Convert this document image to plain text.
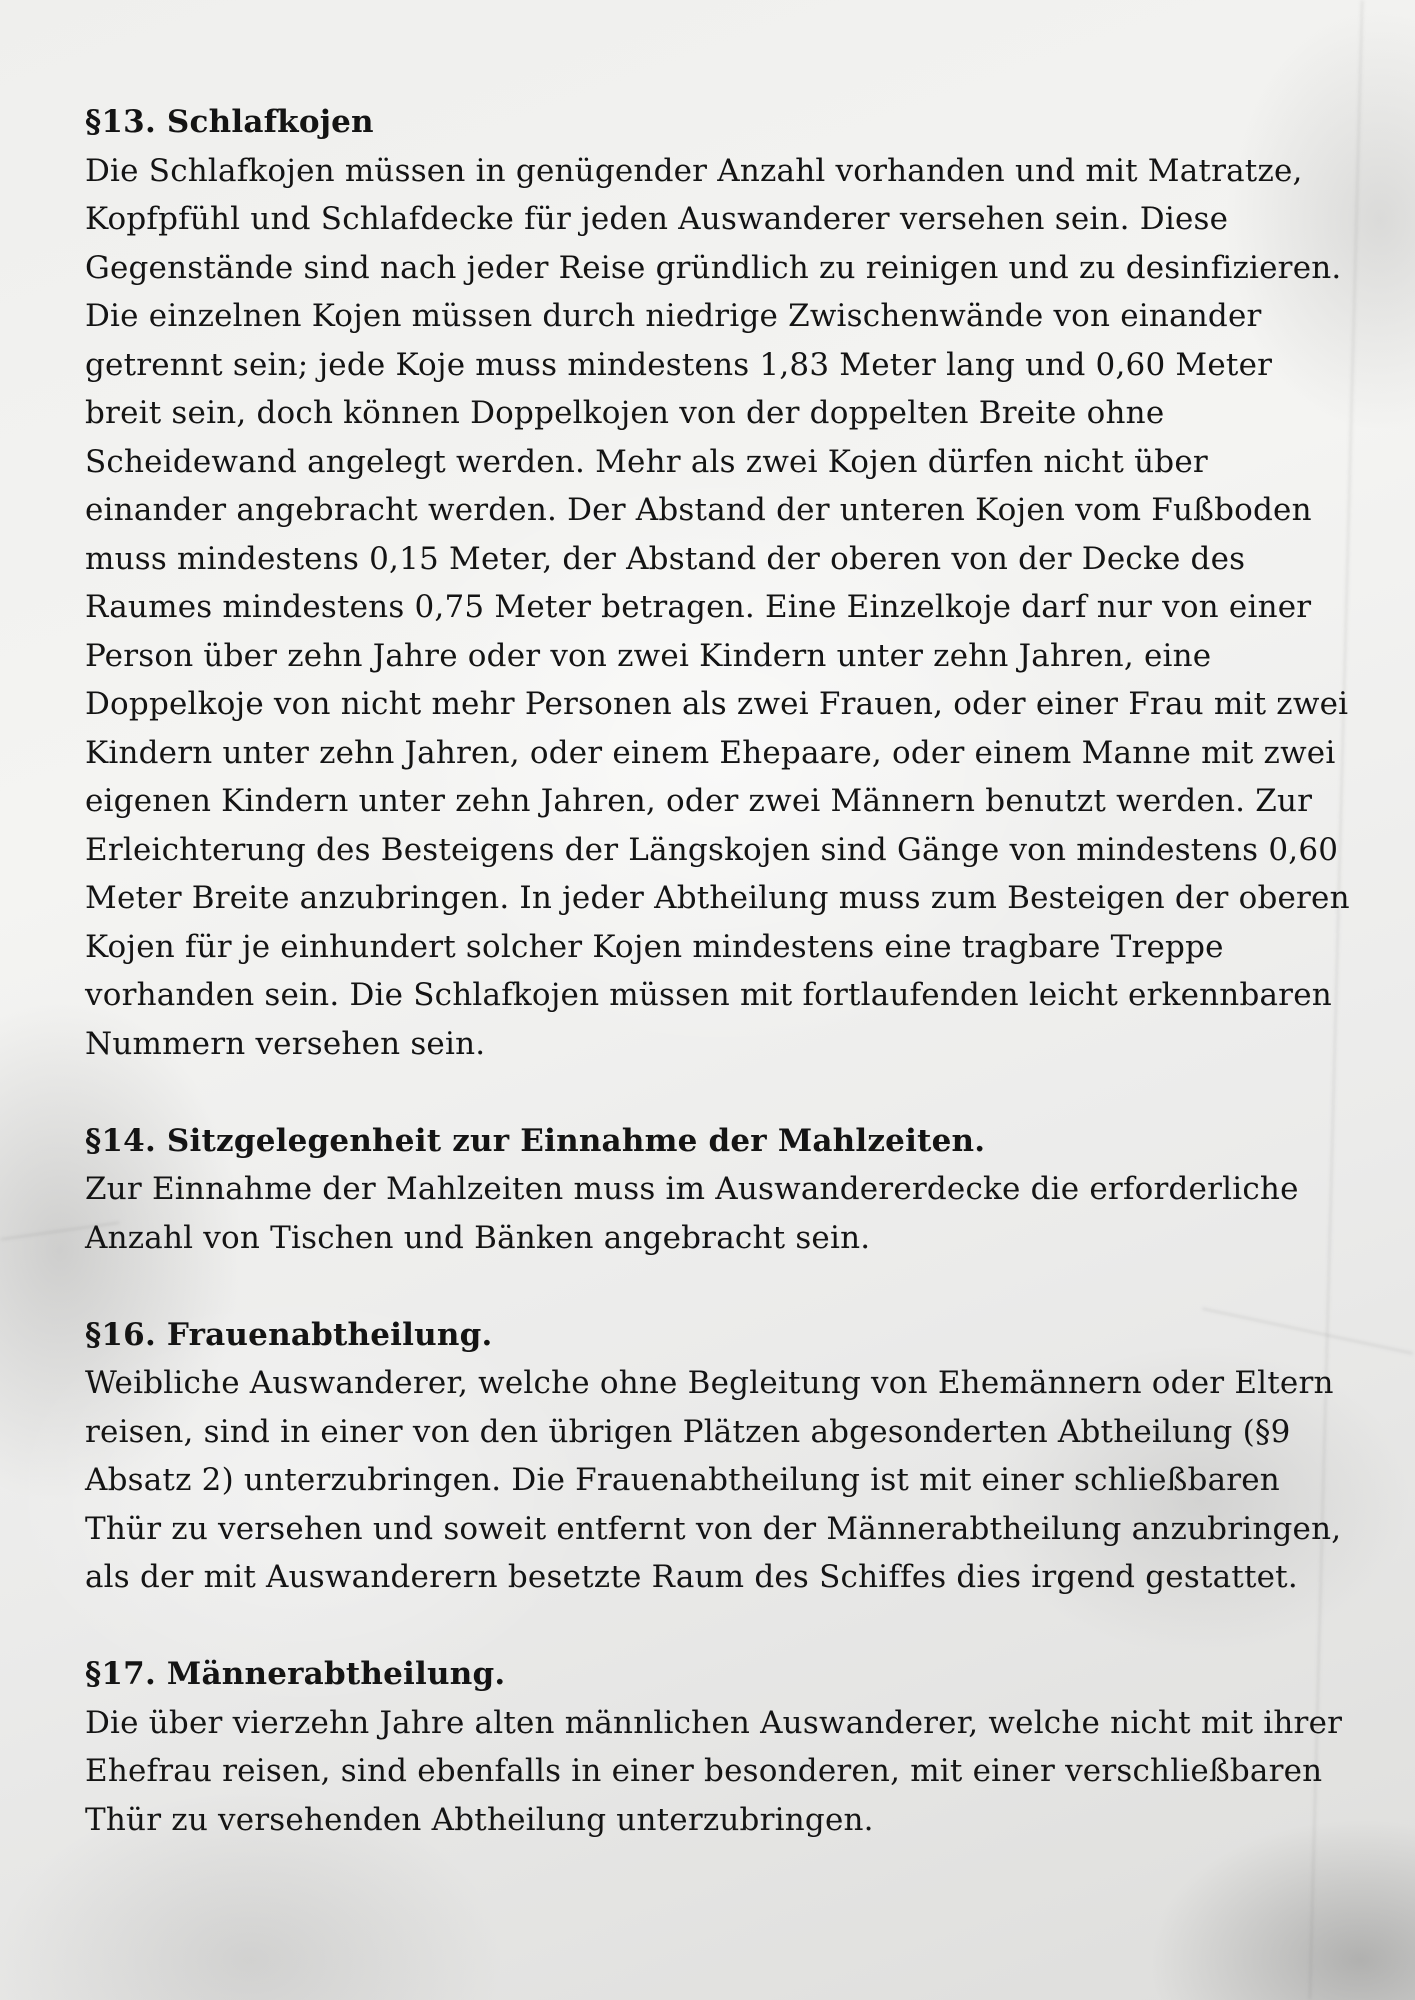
§13. Schlafkojen
Die Schlafkojen müssen in genügender Anzahl vorhanden und mit Matratze, Kopfpfühl und Schlafdecke für jeden Auswanderer versehen sein. Diese Gegenstände sind nach jeder Reise gründlich zu reinigen und zu desinfizieren. Die einzelnen Kojen müssen durch niedrige Zwischenwände von einander getrennt sein; jede Koje muss mindestens 1,83 Meter lang und 0,60 Meter breit sein, doch können Doppelkojen von der doppelten Breite ohne Scheidewand angelegt werden. Mehr als zwei Kojen dürfen nicht über einander angebracht werden. Der Abstand der unteren Kojen vom Fußboden muss mindestens 0,15 Meter, der Abstand der oberen von der Decke des Raumes mindestens 0,75 Meter betragen. Eine Einzelkoje darf nur von einer Person über zehn Jahre oder von zwei Kindern unter zehn Jahren, eine Doppelkoje von nicht mehr Personen als zwei Frauen, oder einer Frau mit zwei Kindern unter zehn Jahren, oder einem Ehepaare, oder einem Manne mit zwei eigenen Kindern unter zehn Jahren, oder zwei Männern benutzt werden. Zur Erleichterung des Besteigens der Längskojen sind Gänge von mindestens 0,60 Meter Breite anzubringen. In jeder Abtheilung muss zum Besteigen der oberen Kojen für je einhundert solcher Kojen mindestens eine tragbare Treppe vorhanden sein. Die Schlafkojen müssen mit fortlaufenden leicht erkennbaren Nummern versehen sein.
§14. Sitzgelegenheit zur Einnahme der Mahlzeiten.
Zur Einnahme der Mahlzeiten muss im Auswandererdecke die erforderliche Anzahl von Tischen und Bänken angebracht sein.
§16. Frauenabtheilung.
Weibliche Auswanderer, welche ohne Begleitung von Ehemännern oder Eltern reisen, sind in einer von den übrigen Plätzen abgesonderten Abtheilung (§9 Absatz 2) unterzubringen. Die Frauenabtheilung ist mit einer schließbaren Thür zu versehen und soweit entfernt von der Männerabtheilung anzubringen, als der mit Auswanderern besetzte Raum des Schiffes dies irgend gestattet.
§17. Männerabtheilung.
Die über vierzehn Jahre alten männlichen Auswanderer, welche nicht mit ihrer Ehefrau reisen, sind ebenfalls in einer besonderen, mit einer verschließbaren Thür zu versehenden Abtheilung unterzubringen.
